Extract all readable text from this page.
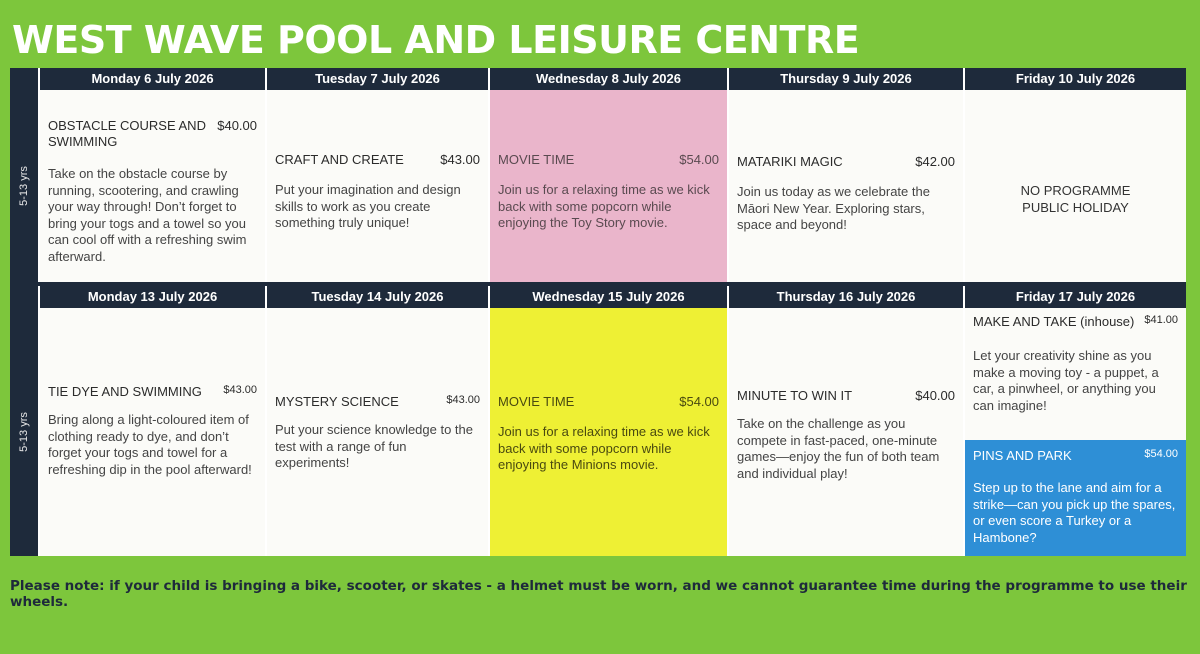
WEST WAVE POOL AND LEISURE CENTRE
5-13 yrs
Monday 6 July 2026
OBSTACLE COURSE AND SWIMMING
$40.00
Take on the obstacle course by running, scootering, and crawling your way through! Don’t forget to bring your togs and a towel so you can cool off with a refreshing swim afterward.
Tuesday 7 July 2026
CRAFT AND CREATE	$43.00
Put your imagination and design skills to work as you create something truly unique!
Wednesday 8 July 2026
MOVIE TIME	$54.00
Join us for a relaxing time as we kick back with some popcorn while enjoying the Toy Story movie.
Thursday 9 July 2026
MATARIKI MAGIC	$42.00
Join us today as we celebrate the Māori New Year. Exploring stars, space and beyond!
Friday 10 July 2026
NO PROGRAMME
PUBLIC HOLIDAY
5-13 yrs
Monday 13 July 2026
TIE DYE AND SWIMMING $43.00
Bring along a light-coloured item of clothing ready to dye, and don’t forget your togs and towel for a refreshing dip in the pool afterward!
Tuesday 14 July 2026
MYSTERY SCIENCE	$43.00
Put your science knowledge to the test with a range of fun experiments!
Wednesday 15 July 2026
MOVIE TIME	$54.00
Join us for a relaxing time as we kick back with some popcorn while enjoying the Minions movie.
Thursday 16 July 2026
MINUTE TO WIN IT	$40.00
Take on the challenge as you compete in fast-paced, one-minute games—enjoy the fun of both team and individual play!
Friday 17 July 2026
MAKE AND TAKE (inhouse) $41.00
Let your creativity shine as you make a moving toy - a puppet, a car, a pinwheel, or anything you can imagine!
PINS AND PARK	$54.00
Step up to the lane and aim for a strike—can you pick up the spares, or even score a Turkey or a Hambone?
Please note: if your child is bringing a bike, scooter, or skates - a helmet must be worn, and we cannot guarantee time during the programme to use their wheels.
